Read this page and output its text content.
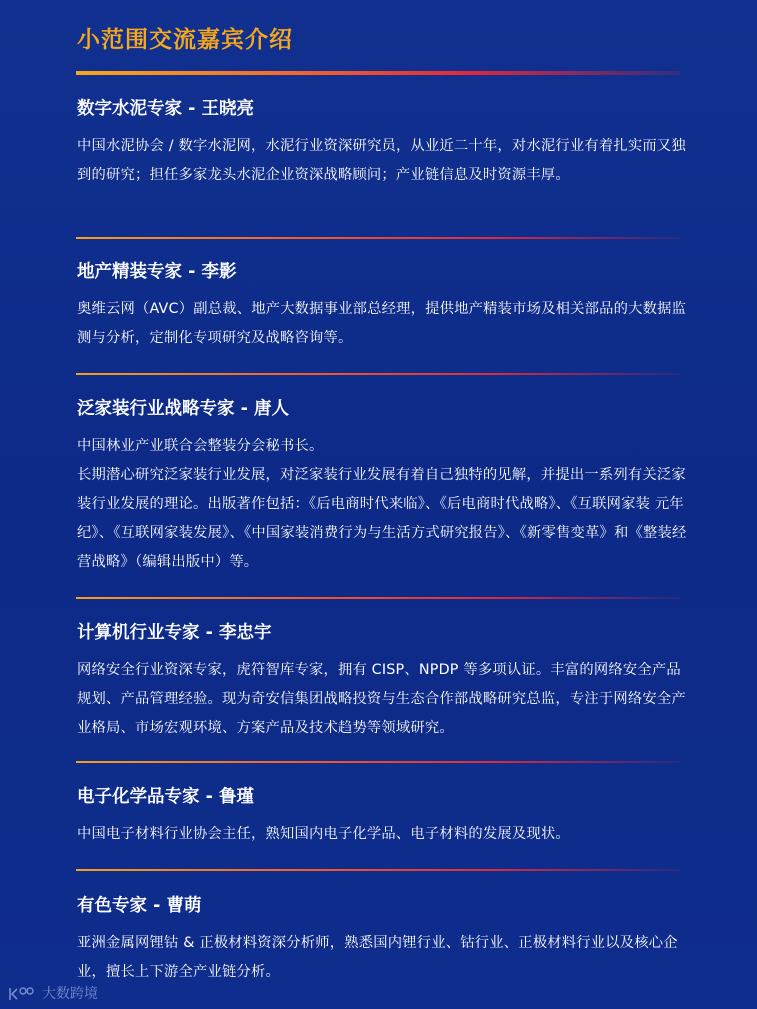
小范围交流嘉宾介绍
数字水泥专家 - 王晓亮

中国水泥协会 / 数字水泥网，水泥行业资深研究员，从业近二十年，对水泥行业有着扎实而又独到的研究；担任多家龙头水泥企业资深战略顾问；产业链信息及时资源丰厚。

地产精装专家 - 李影

奥维云网（AVC）副总裁、地产大数据事业部总经理，提供地产精装市场及相关部品的大数据监测与分析，定制化专项研究及战略咨询等。

泛家装行业战略专家 - 唐人

中国林业产业联合会整装分会秘书长。

长期潜心研究泛家装行业发展，对泛家装行业发展有着自己独特的见解，并提出一系列有关泛家装行业发展的理论。出版著作包括：《后电商时代来临》、《后电商时代战略》、《互联网家装 元年纪》、《互联网家装发展》、《中国家装消费行为与生活方式研究报告》、《新零售变革》和《整装经营战略》（编辑出版中）等。

计算机行业专家 - 李忠宇

网络安全行业资深专家，虎符智库专家，拥有 CISP、NPDP 等多项认证。丰富的网络安全产品规划、产品管理经验。现为奇安信集团战略投资与生态合作部战略研究总监，专注于网络安全产业格局、市场宏观环境、方案产品及技术趋势等领域研究。

电子化学品专家 - 鲁瑾

中国电子材料行业协会主任，熟知国内电子化学品、电子材料的发展及现状。

有色专家 - 曹萌

亚洲金属网锂钴 & 正极材料资深分析师，熟悉国内锂行业、钴行业、正极材料行业以及核心企业，擅长上下游全产业链分析。

大数跨境
